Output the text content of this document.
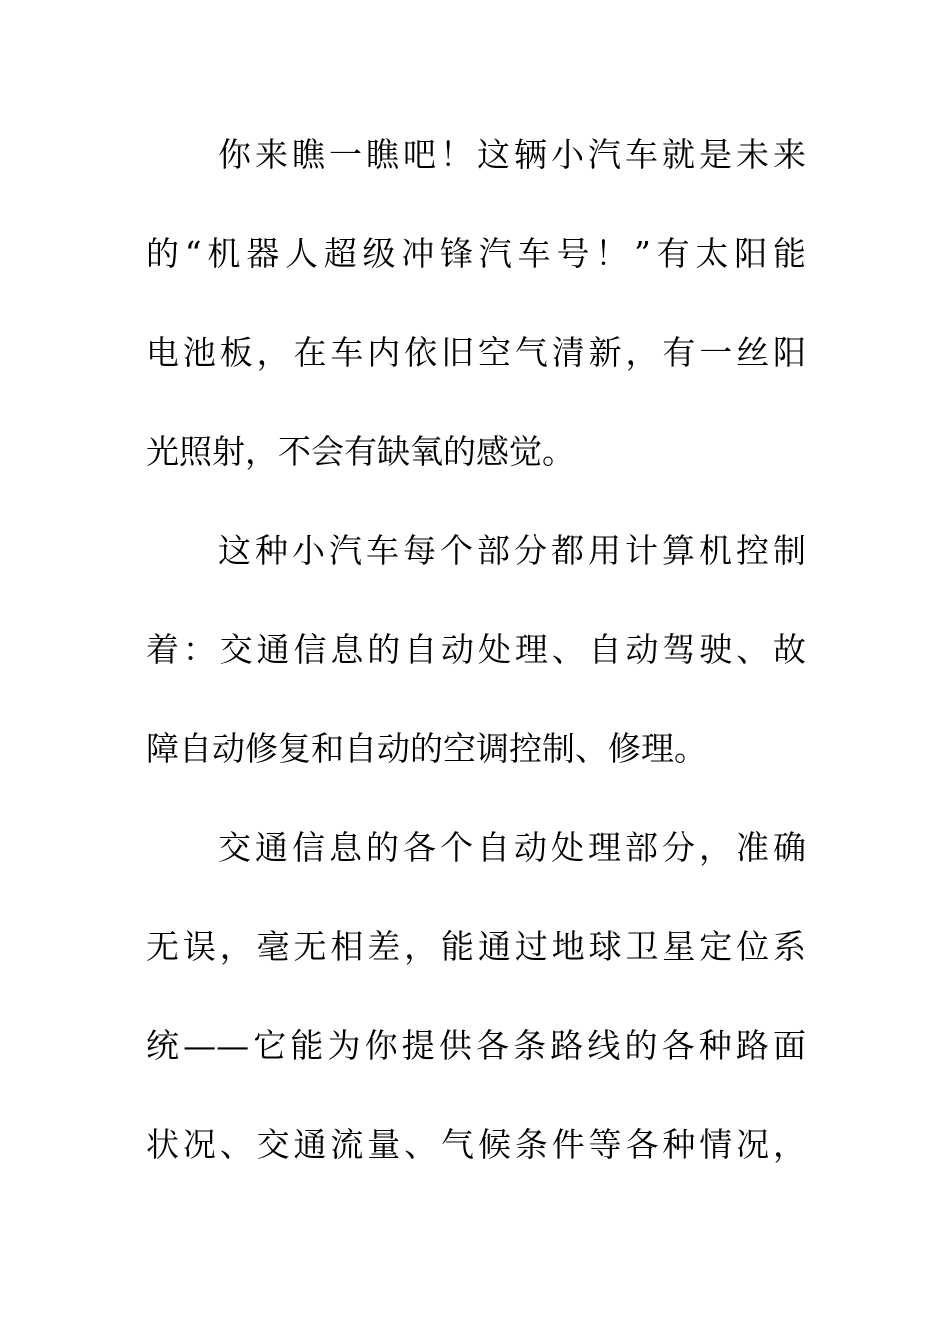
你来瞧一瞧吧！这辆小汽车就是未来
的“机器人超级冲锋汽车号！”有太阳能
电池板，在车内依旧空气清新，有一丝阳
光照射，不会有缺氧的感觉。
这种小汽车每个部分都用计算机控制
着：交通信息的自动处理、自动驾驶、故
障自动修复和自动的空调控制、修理。
交通信息的各个自动处理部分，准确
无误，毫无相差，能通过地球卫星定位系
统——它能为你提供各条路线的各种路面
状况、交通流量、气候条件等各种情况，
